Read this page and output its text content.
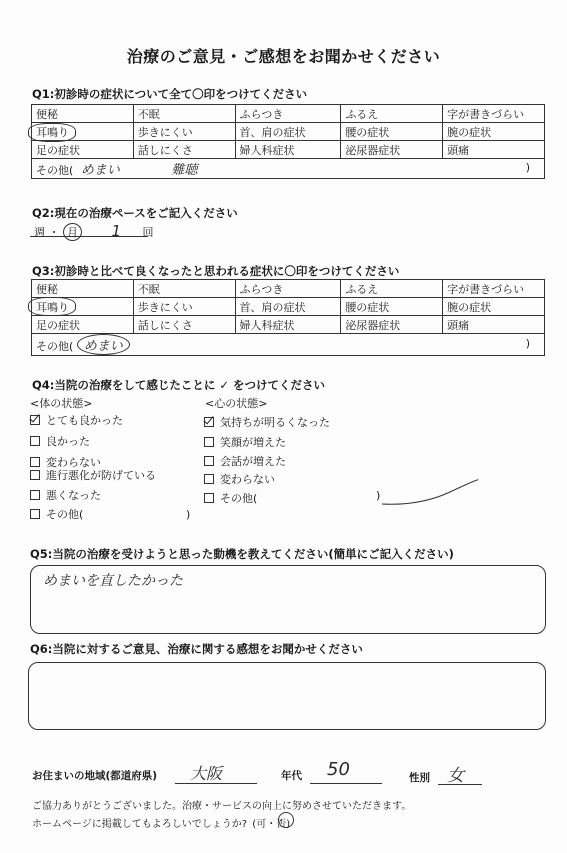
治療のご意見・ご感想をお聞かせください
Q1:初診時の症状について全て〇印をつけてください
便秘	不眠	ふらつき	ふるえ	字が書きづらい
耳鳴り	歩きにくい	首、肩の症状	腰の症状	腕の症状
足の症状	話しにくさ	婦人科症状	泌尿器症状	頭痛
その他( めまい 難聴 )				
Q2:現在の治療ペースをご記入ください
週 ・ 月 1 回
Q3:初診時と比べて良くなったと思われる症状に〇印をつけてください
便秘	不眠	ふらつき	ふるえ	字が書きづらい
耳鳴り	歩きにくい	首、肩の症状	腰の症状	腕の症状
足の症状	話しにくさ	婦人科症状	泌尿器症状	頭痛
その他( めまい )				
Q4:当院の治療をして感じたことに ✓ をつけてください
<体の状態>	<心の状態>
とても良かった
良かった
変わらない
進行悪化が防げている
悪くなった
その他(	)
気持ちが明るくなった
笑顔が増えた
会話が増えた
変わらない
その他(	)
Q5:当院の治療を受けようと思った動機を教えてください(簡単にご記入ください)
めまいを直したかった
Q6:当院に対するご意見、治療に関する感想をお聞かせください
お住まいの地域(都道府県) 大阪	年代 50	性別 女
ご協力ありがとうございました。治療・サービスの向上に努めさせていただきます。
ホームページに掲載してもよろしいでしょうか? (可・否)
